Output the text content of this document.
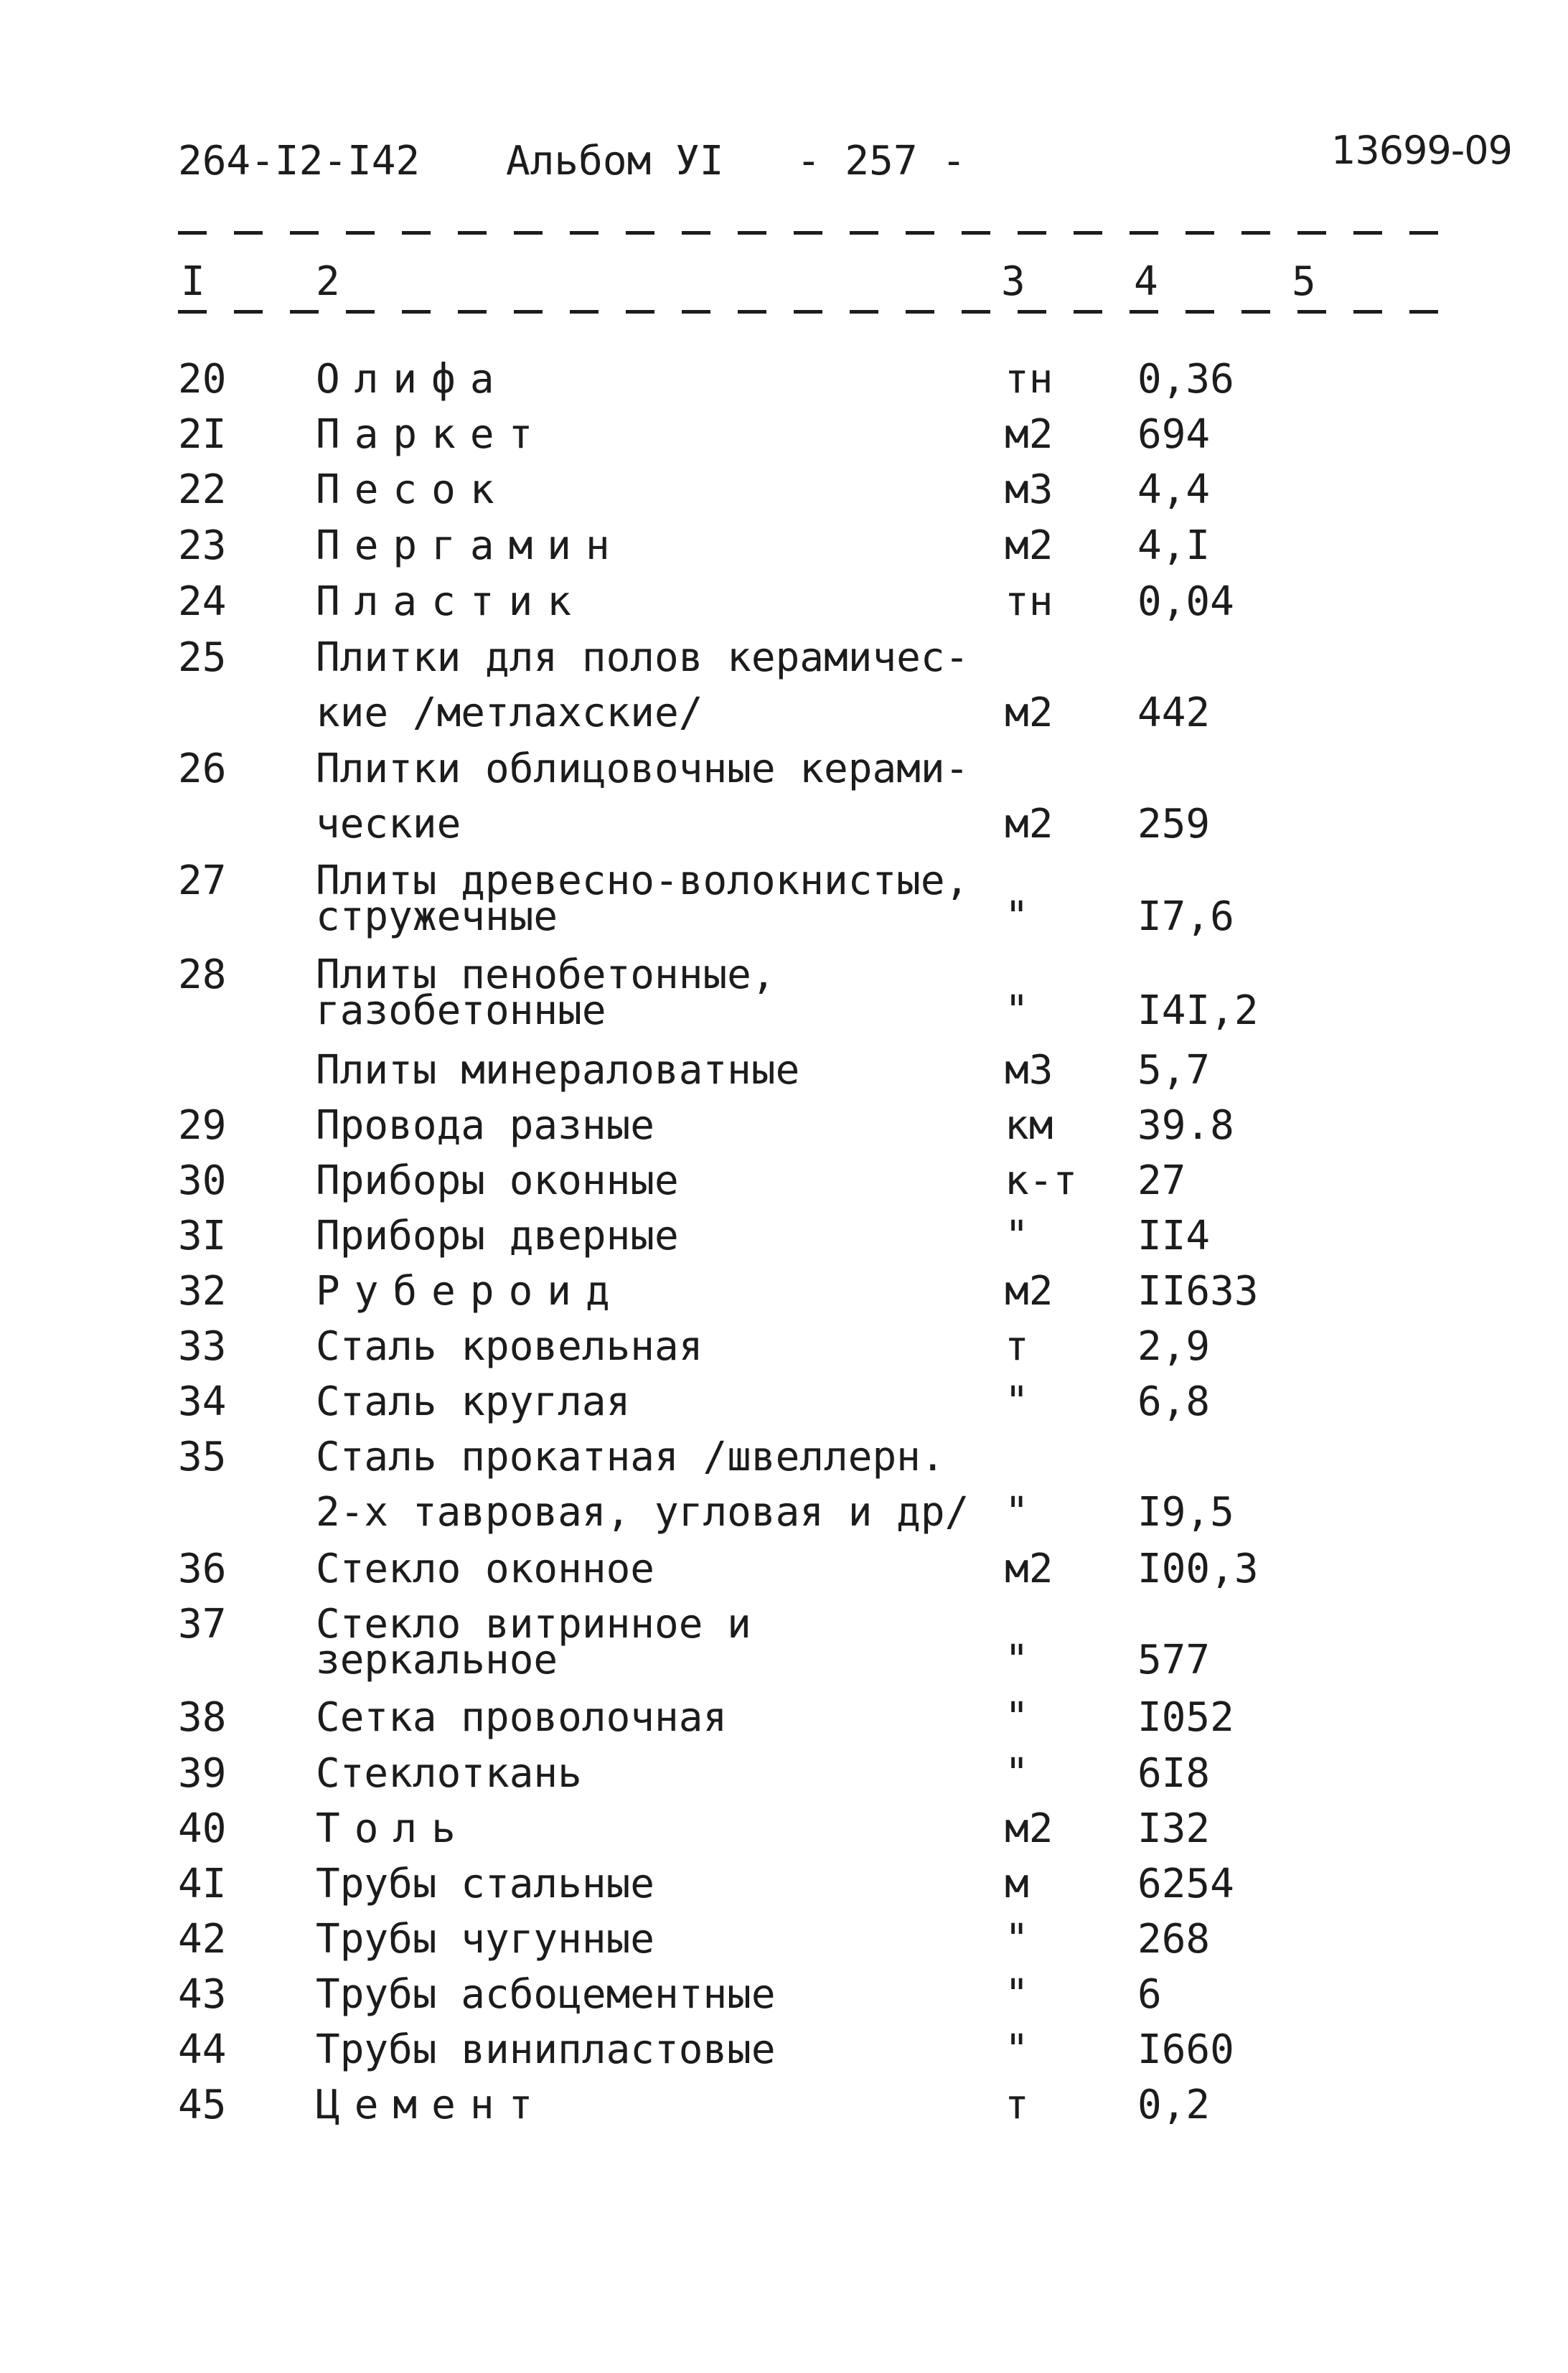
264-I2-I42 Альбом УI - 257 -	13699-09
I	2	3	4	5
20 Олифа	тн 0,36
2I Паркет	м2 694
22 Песок	м3 4,4
23 Пергамин	м2 4,I
24 Пластик	тн 0,04
25 Плитки для полов керамичес-
кие /метлахские/	м2 442
26 Плитки облицовочные керами-
ческие	м2 259
27 Плиты древесно-волокнистые,
стружечные	"	I7,6
28 Плиты пенобетонные,
газобетонные	"	I4I,2
Плиты минераловатные	м3 5,7
29 Провода разные	км 39.8
30 Приборы оконные	к-т 27
3I Приборы дверные	"	II4
32 Рубероид	м2 II633
33 Сталь кровельная	т	2,9
34 Сталь круглая	"	6,8
35 Сталь прокатная /швеллерн.
2-х тавровая, угловая и др/ "	I9,5
36 Стекло оконное	м2 I00,3
37 Стекло витринное и
зеркальное	"	577
38 Сетка проволочная	"	I052
39 Стеклоткань	"	6I8
40 Толь	м2 I32
4I Трубы стальные	м	6254
42 Трубы чугунные	"	268
43 Трубы асбоцементные	"	6
44 Трубы винипластовые	"	I660
45 Цемент	т	0,2
